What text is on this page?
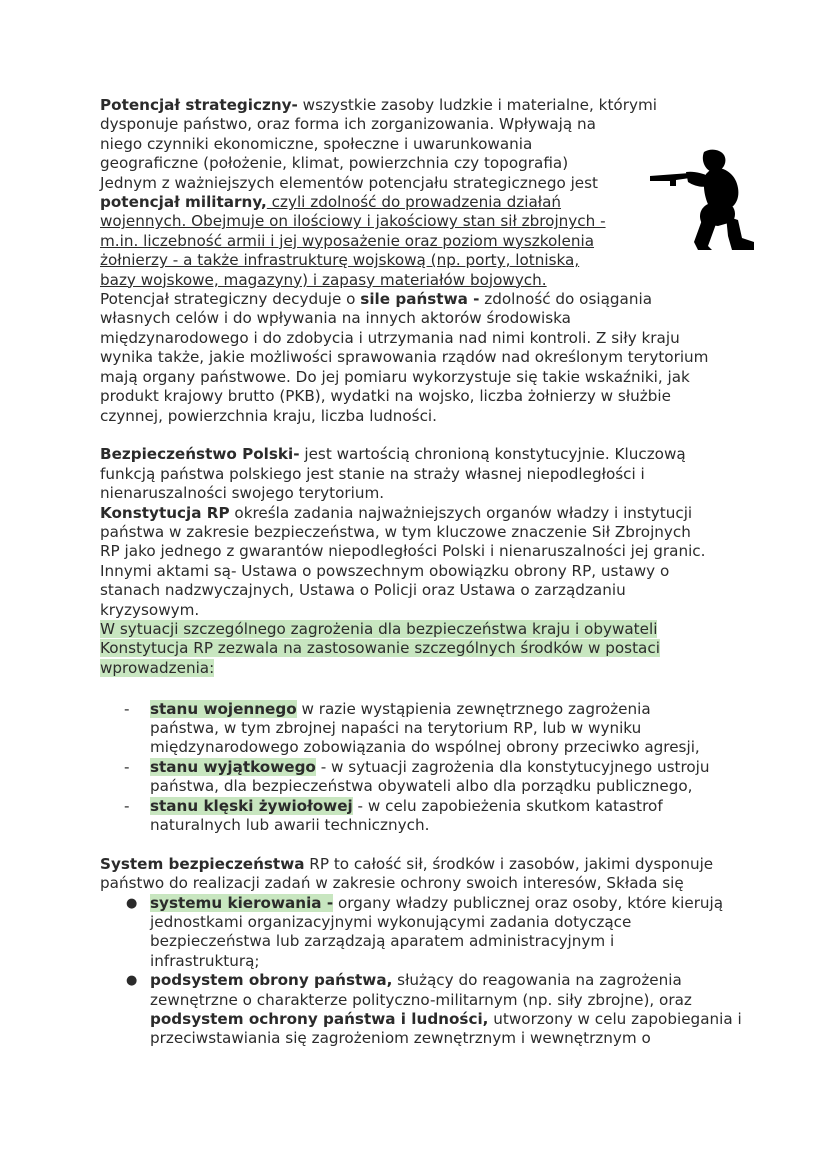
Potencjał strategiczny- wszystkie zasoby ludzkie i materialne, którymi
dysponuje państwo, oraz forma ich zorganizowania. Wpływają na
niego czynniki ekonomiczne, społeczne i uwarunkowania
geograficzne (położenie, klimat, powierzchnia czy topografia)
Jednym z ważniejszych elementów potencjału strategicznego jest
potencjał militarny, czyli zdolność do prowadzenia działań
wojennych. Obejmuje on ilościowy i jakościowy stan sił zbrojnych -
m.in. liczebność armii i jej wyposażenie oraz poziom wyszkolenia
żołnierzy - a także infrastrukturę wojskową (np. porty, lotniska,
bazy wojskowe, magazyny) i zapasy materiałów bojowych.
Potencjał strategiczny decyduje o sile państwa - zdolność do osiągania
własnych celów i do wpływania na innych aktorów środowiska
międzynarodowego i do zdobycia i utrzymania nad nimi kontroli. Z siły kraju
wynika także, jakie możliwości sprawowania rządów nad określonym terytorium
mają organy państwowe. Do jej pomiaru wykorzystuje się takie wskaźniki, jak
produkt krajowy brutto (PKB), wydatki na wojsko, liczba żołnierzy w służbie
czynnej, powierzchnia kraju, liczba ludności.
Bezpieczeństwo Polski- jest wartością chronioną konstytucyjnie. Kluczową
funkcją państwa polskiego jest stanie na straży własnej niepodległości i
nienaruszalności swojego terytorium.
Konstytucja RP określa zadania najważniejszych organów władzy i instytucji
państwa w zakresie bezpieczeństwa, w tym kluczowe znaczenie Sił Zbrojnych
RP jako jednego z gwarantów niepodległości Polski i nienaruszalności jej granic.
Innymi aktami są- Ustawa o powszechnym obowiązku obrony RP, ustawy o
stanach nadzwyczajnych, Ustawa o Policji oraz Ustawa o zarządzaniu
kryzysowym.
W sytuacji szczególnego zagrożenia dla bezpieczeństwa kraju i obywateli
Konstytucja RP zezwala na zastosowanie szczególnych środków w postaci
wprowadzenia:
- stanu wojennego w razie wystąpienia zewnętrznego zagrożenia
państwa, w tym zbrojnej napaści na terytorium RP, lub w wyniku
międzynarodowego zobowiązania do wspólnej obrony przeciwko agresji,
- stanu wyjątkowego - w sytuacji zagrożenia dla konstytucyjnego ustroju
państwa, dla bezpieczeństwa obywateli albo dla porządku publicznego,
- stanu klęski żywiołowej - w celu zapobieżenia skutkom katastrof
naturalnych lub awarii technicznych.
System bezpieczeństwa RP to całość sił, środków i zasobów, jakimi dysponuje
państwo do realizacji zadań w zakresie ochrony swoich interesów, Składa się
● systemu kierowania - organy władzy publicznej oraz osoby, które kierują
jednostkami organizacyjnymi wykonującymi zadania dotyczące
bezpieczeństwa lub zarządzają aparatem administracyjnym i
infrastrukturą;
● podsystem obrony państwa, służący do reagowania na zagrożenia
zewnętrzne o charakterze polityczno-militarnym (np. siły zbrojne), oraz
podsystem ochrony państwa i ludności, utworzony w celu zapobiegania i
przeciwstawiania się zagrożeniom zewnętrznym i wewnętrznym o
